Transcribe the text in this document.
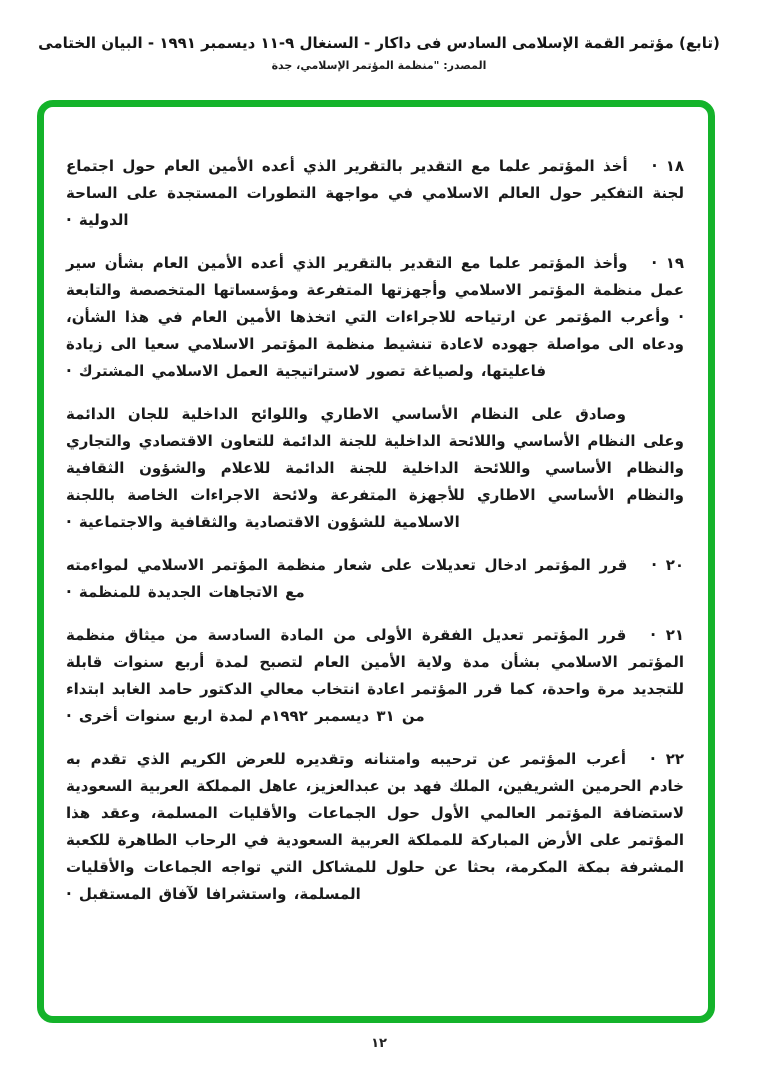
(تابع) مؤتمر القمة الإسلامى السادس فى داكار - السنغال ٩-١١ ديسمبر ١٩٩١ - البيان الختامى
المصدر: "منظمة المؤتمر الإسلامي، جدة

١٨ ·أخذ المؤتمر علما مع التقدير بالتقرير الذي أعده الأمين العام حول اجتماع لجنة التفكير حول العالم الاسلامي في مواجهة التطورات المستجدة على الساحة الدولية ·

١٩ ·وأخذ المؤتمر علما مع التقدير بالتقرير الذي أعده الأمين العام بشأن سير عمل منظمة المؤتمر الاسلامي وأجهزتها المتفرعة ومؤسساتها المتخصصة والتابعة · وأعرب المؤتمر عن ارتياحه للاجراءات التي اتخذها الأمين العام في هذا الشأن، ودعاه الى مواصلة جهوده لاعادة تنشيط منظمة المؤتمر الاسلامي سعيا الى زيادة فاعليتها، ولصياغة تصور لاستراتيجية العمل الاسلامي المشترك ·

وصادق على النظام الأساسي الاطاري واللوائح الداخلية للجان الدائمة وعلى النظام الأساسي واللائحة الداخلية للجنة الدائمة للتعاون الاقتصادي والتجاري والنظام الأساسي واللائحة الداخلية للجنة الدائمة للاعلام والشؤون الثقافية والنظام الأساسي الاطاري للأجهزة المتفرعة ولائحة الاجراءات الخاصة باللجنة الاسلامية للشؤون الاقتصادية والثقافية والاجتماعية ·

٢٠ ·قرر المؤتمر ادخال تعديلات على شعار منظمة المؤتمر الاسلامي لمواءمته مع الاتجاهات الجديدة للمنظمة ·

٢١ ·قرر المؤتمر تعديل الفقرة الأولى من المادة السادسة من ميثاق منظمة المؤتمر الاسلامي بشأن مدة ولاية الأمين العام لتصبح لمدة أربع سنوات قابلة للتجديد مرة واحدة، كما قرر المؤتمر اعادة انتخاب معالي الدكتور حامد الغابد ابتداء من ٣١ ديسمبر ١٩٩٢م لمدة اربع سنوات أخرى ·

٢٢ ·أعرب المؤتمر عن ترحيبه وامتنانه وتقديره للعرض الكريم الذي تقدم به خادم الحرمين الشريفين، الملك فهد بن عبدالعزيز، عاهل المملكة العربية السعودية لاستضافة المؤتمر العالمي الأول حول الجماعات والأقليات المسلمة، وعقد هذا المؤتمر على الأرض المباركة للمملكة العربية السعودية في الرحاب الطاهرة للكعبة المشرفة بمكة المكرمة، بحثا عن حلول للمشاكل التي تواجه الجماعات والأقليات المسلمة، واستشرافا لآفاق المستقبل ·

١٢
